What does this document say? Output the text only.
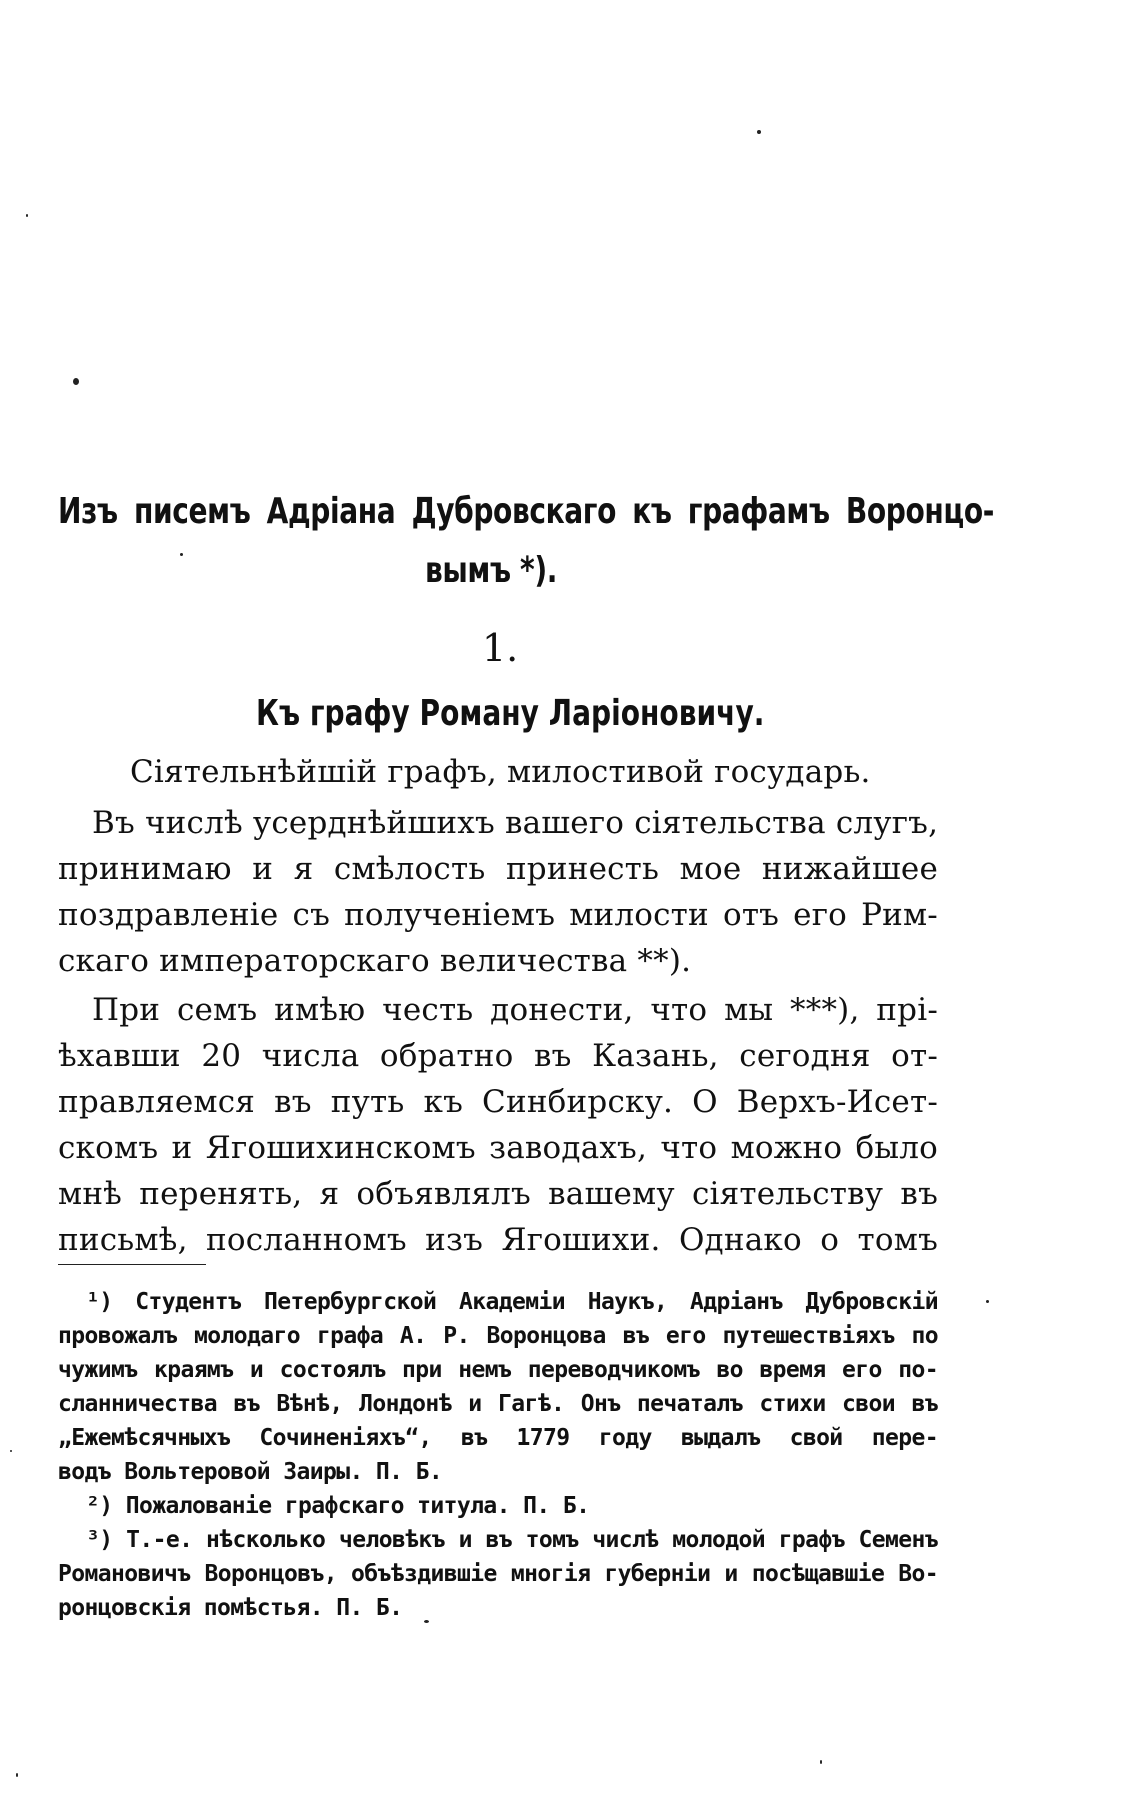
Изъ писемъ Адріана Дубровскаго къ графамъ Воронцо-
вымъ *).
1.
Къ графу Роману Ларіоновичу.
Сіятельнѣйшій графъ, милостивой государь.
Въ числѣ усерднѣйшихъ вашего сіятельства слугъ,
принимаю и я смѣлость принесть мое нижайшее
поздравленіе съ полученіемъ милости отъ его Рим-
скаго императорскаго величества **).
При семъ имѣю честь донести, что мы ***), прі-
ѣхавши 20 числа обратно въ Казань, сегодня от-
правляемся въ путь къ Синбирску. О Верхъ-Исет-
скомъ и Ягошихинскомъ заводахъ, что можно было
мнѣ перенять, я объявлялъ вашему сіятельству въ
письмѣ, посланномъ изъ Ягошихи. Однако о томъ
¹) Студентъ Петербургской Академіи Наукъ, Адріанъ Дубровскій
провожалъ молодаго графа А. Р. Воронцова въ его путешествіяхъ по
чужимъ краямъ и состоялъ при немъ переводчикомъ во время его по-
сланничества въ Вѣнѣ, Лондонѣ и Гагѣ. Онъ печаталъ стихи свои въ
„Ежемѣсячныхъ Сочиненіяхъ“, въ 1779 году выдалъ свой пере-
водъ Вольтеровой Заиры. П. Б.
²) Пожалованіе графскаго титула. П. Б.
³) Т.-е. нѣсколько человѣкъ и въ томъ числѣ молодой графъ Семенъ
Романовичъ Воронцовъ, объѣздившіе многія губерніи и посѣщавшіе Во-
ронцовскія помѣстья. П. Б.
